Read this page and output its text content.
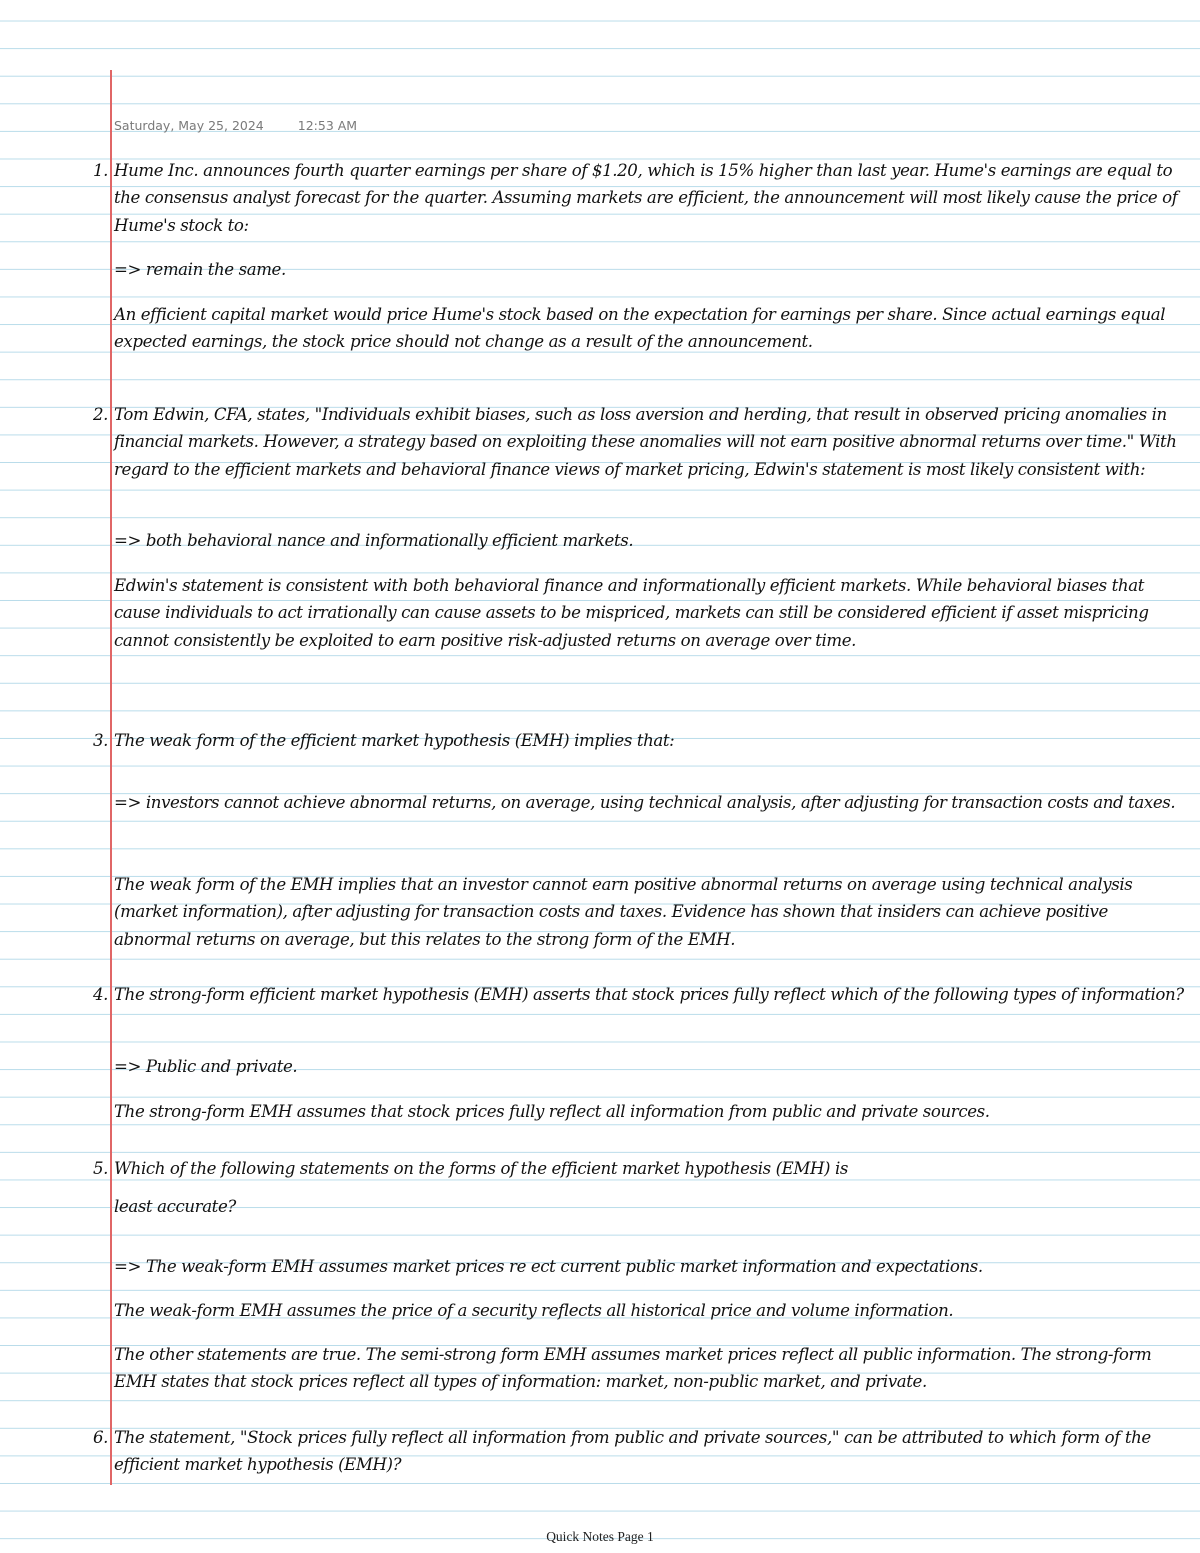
Saturday, May 25, 2024	12:53 AM
1. Hume Inc. announces fourth quarter earnings per share of $1.20, which is 15% higher than last year. Hume's earnings are equal to the consensus analyst forecast for the quarter. Assuming markets are efficient, the announcement will most likely cause the price of Hume's stock to:
=> remain the same.
An efficient capital market would price Hume's stock based on the expectation for earnings per share. Since actual earnings equal expected earnings, the stock price should not change as a result of the announcement.
2. Tom Edwin, CFA, states, "Individuals exhibit biases, such as loss aversion and herding, that result in observed pricing anomalies in financial markets. However, a strategy based on exploiting these anomalies will not earn positive abnormal returns over time." With regard to the efficient markets and behavioral finance views of market pricing, Edwin's statement is most likely consistent with:
=> both behavioral nance and informationally efficient markets.
Edwin's statement is consistent with both behavioral finance and informationally efficient markets. While behavioral biases that cause individuals to act irrationally can cause assets to be mispriced, markets can still be considered efficient if asset mispricing cannot consistently be exploited to earn positive risk-adjusted returns on average over time.
3. The weak form of the efficient market hypothesis (EMH) implies that:
=> investors cannot achieve abnormal returns, on average, using technical analysis, after adjusting for transaction costs and taxes.
The weak form of the EMH implies that an investor cannot earn positive abnormal returns on average using technical analysis (market information), after adjusting for transaction costs and taxes. Evidence has shown that insiders can achieve positive abnormal returns on average, but this relates to the strong form of the EMH.
4. The strong-form efficient market hypothesis (EMH) asserts that stock prices fully reflect which of the following types of information?
=> Public and private.
The strong-form EMH assumes that stock prices fully reflect all information from public and private sources.
5. Which of the following statements on the forms of the efficient market hypothesis (EMH) is
least accurate?
=> The weak-form EMH assumes market prices re ect current public market information and expectations.
The weak-form EMH assumes the price of a security reflects all historical price and volume information.
The other statements are true. The semi-strong form EMH assumes market prices reflect all public information. The strong-form EMH states that stock prices reflect all types of information: market, non-public market, and private.
6. The statement, "Stock prices fully reflect all information from public and private sources," can be attributed to which form of the efficient market hypothesis (EMH)?
Quick Notes Page 1
